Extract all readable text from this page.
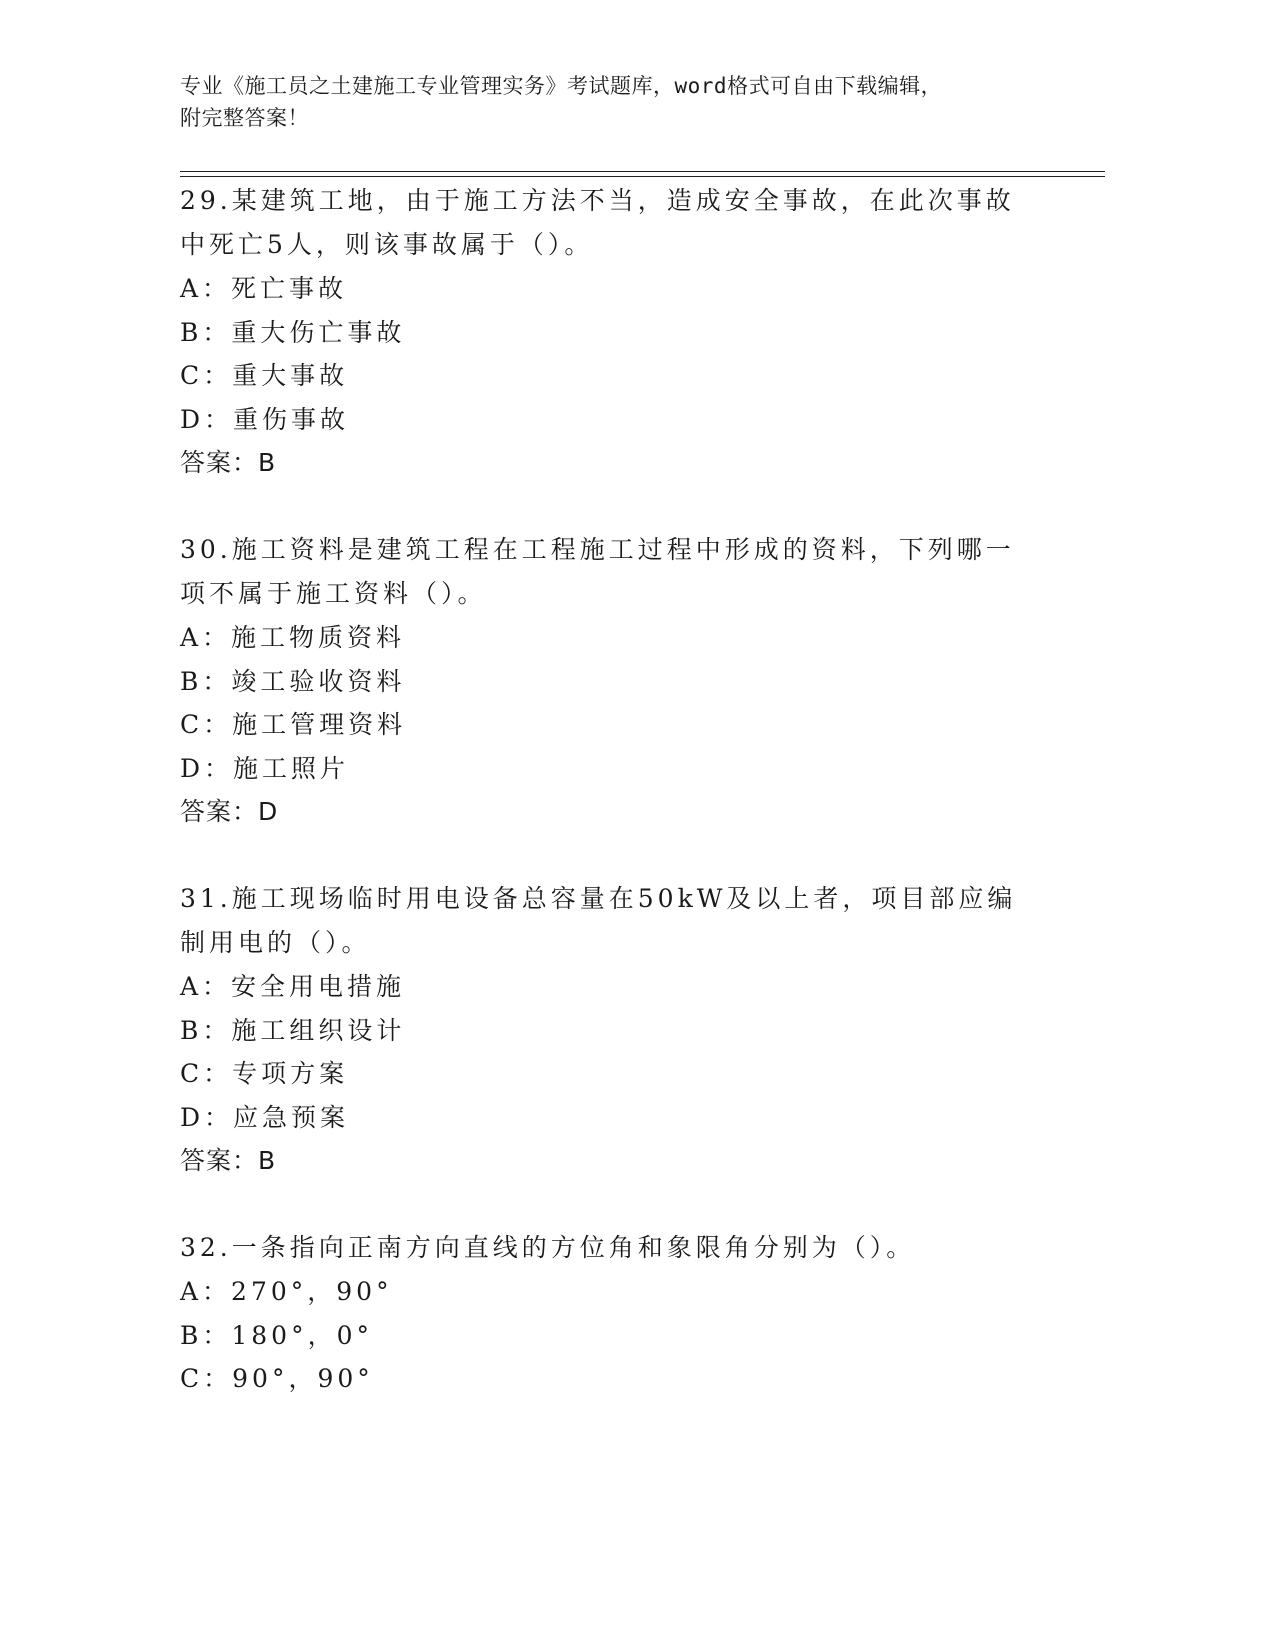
专业《施工员之土建施工专业管理实务》考试题库，word格式可自由下载编辑，
附完整答案！

29.某建筑工地，由于施工方法不当，造成安全事故，在此次事故中死亡5人，则该事故属于（）。

A：死亡事故

B：重大伤亡事故

C：重大事故

D：重伤事故

答案：B

30.施工资料是建筑工程在工程施工过程中形成的资料，下列哪一项不属于施工资料（）。

A：施工物质资料

B：竣工验收资料

C：施工管理资料

D：施工照片

答案：D

31.施工现场临时用电设备总容量在50kW及以上者，项目部应编制用电的（）。

A：安全用电措施

B：施工组织设计

C：专项方案

D：应急预案

答案：B

32.一条指向正南方向直线的方位角和象限角分别为（）。

A：270°，90°

B：180°，0°

C：90°，90°
